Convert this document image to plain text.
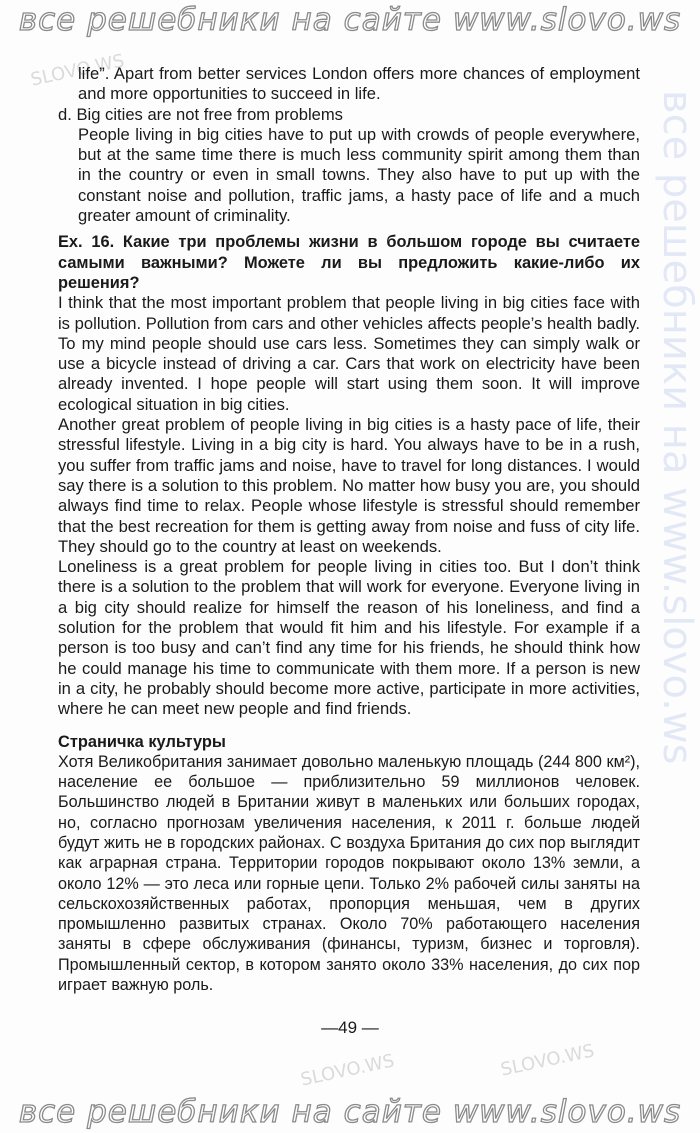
все решебники на сайте www.slovo.ws
все решебники на www.slovo.ws
SLOVO.WS
SLOVO.WS	SLOVO.WS

life”. Apart from better services London offers more chances of employment and more opportunities to succeed in life.

d. Big cities are not free from problems

People living in big cities have to put up with crowds of people everywhere, but at the same time there is much less community spirit among them than in the country or even in small towns. They also have to put up with the constant noise and pollution, traffic jams, a hasty pace of life and a much greater amount of criminality.

Ex. 16. Какие три проблемы жизни в большом городе вы считаете самыми важными? Можете ли вы предложить какие-либо их решения?

I think that the most important problem that people living in big cities face with is pollution. Pollution from cars and other vehicles affects people’s health badly. To my mind people should use cars less. Sometimes they can simply walk or use a bicycle instead of driving a car. Cars that work on electricity have been already invented. I hope people will start using them soon. It will improve ecological situation in big cities.

Another great problem of people living in big cities is a hasty pace of life, their stressful lifestyle. Living in a big city is hard. You always have to be in a rush, you suffer from traffic jams and noise, have to travel for long distances. I would say there is a solution to this problem. No matter how busy you are, you should always find time to relax. People whose lifestyle is stressful should remember that the best recreation for them is getting away from noise and fuss of city life. They should go to the country at least on weekends.

Loneliness is a great problem for people living in cities too. But I don’t think there is a solution to the problem that will work for everyone. Everyone living in a big city should realize for himself the reason of his loneliness, and find a solution for the problem that would fit him and his lifestyle. For example if a person is too busy and can’t find any time for his friends, he should think how he could manage his time to communicate with them more. If a person is new in a city, he probably should become more active, participate in more activities, where he can meet new people and find friends.

Страничка культуры

Хотя Великобритания занимает довольно маленькую площадь (244 800 км²), население ее большое — приблизительно 59 миллионов человек. Большинство людей в Британии живут в маленьких или больших городах, но, согласно прогнозам увеличения населения, к 2011 г. больше людей будут жить не в городских районах. С воздуха Британия до сих пор выглядит как аграрная страна. Территории городов покрывают около 13% земли, а около 12% — это леса или горные цепи. Только 2% рабочей силы заняты на сельскохозяйственных работах, пропорция меньшая, чем в других промышленно развитых странах. Около 70% работающего населения заняты в сфере обслуживания (финансы, туризм, бизнес и торговля). Промышленный сектор, в котором занято около 33% населения, до сих пор играет важную роль.

—49 —
все решебники на сайте www.slovo.ws
